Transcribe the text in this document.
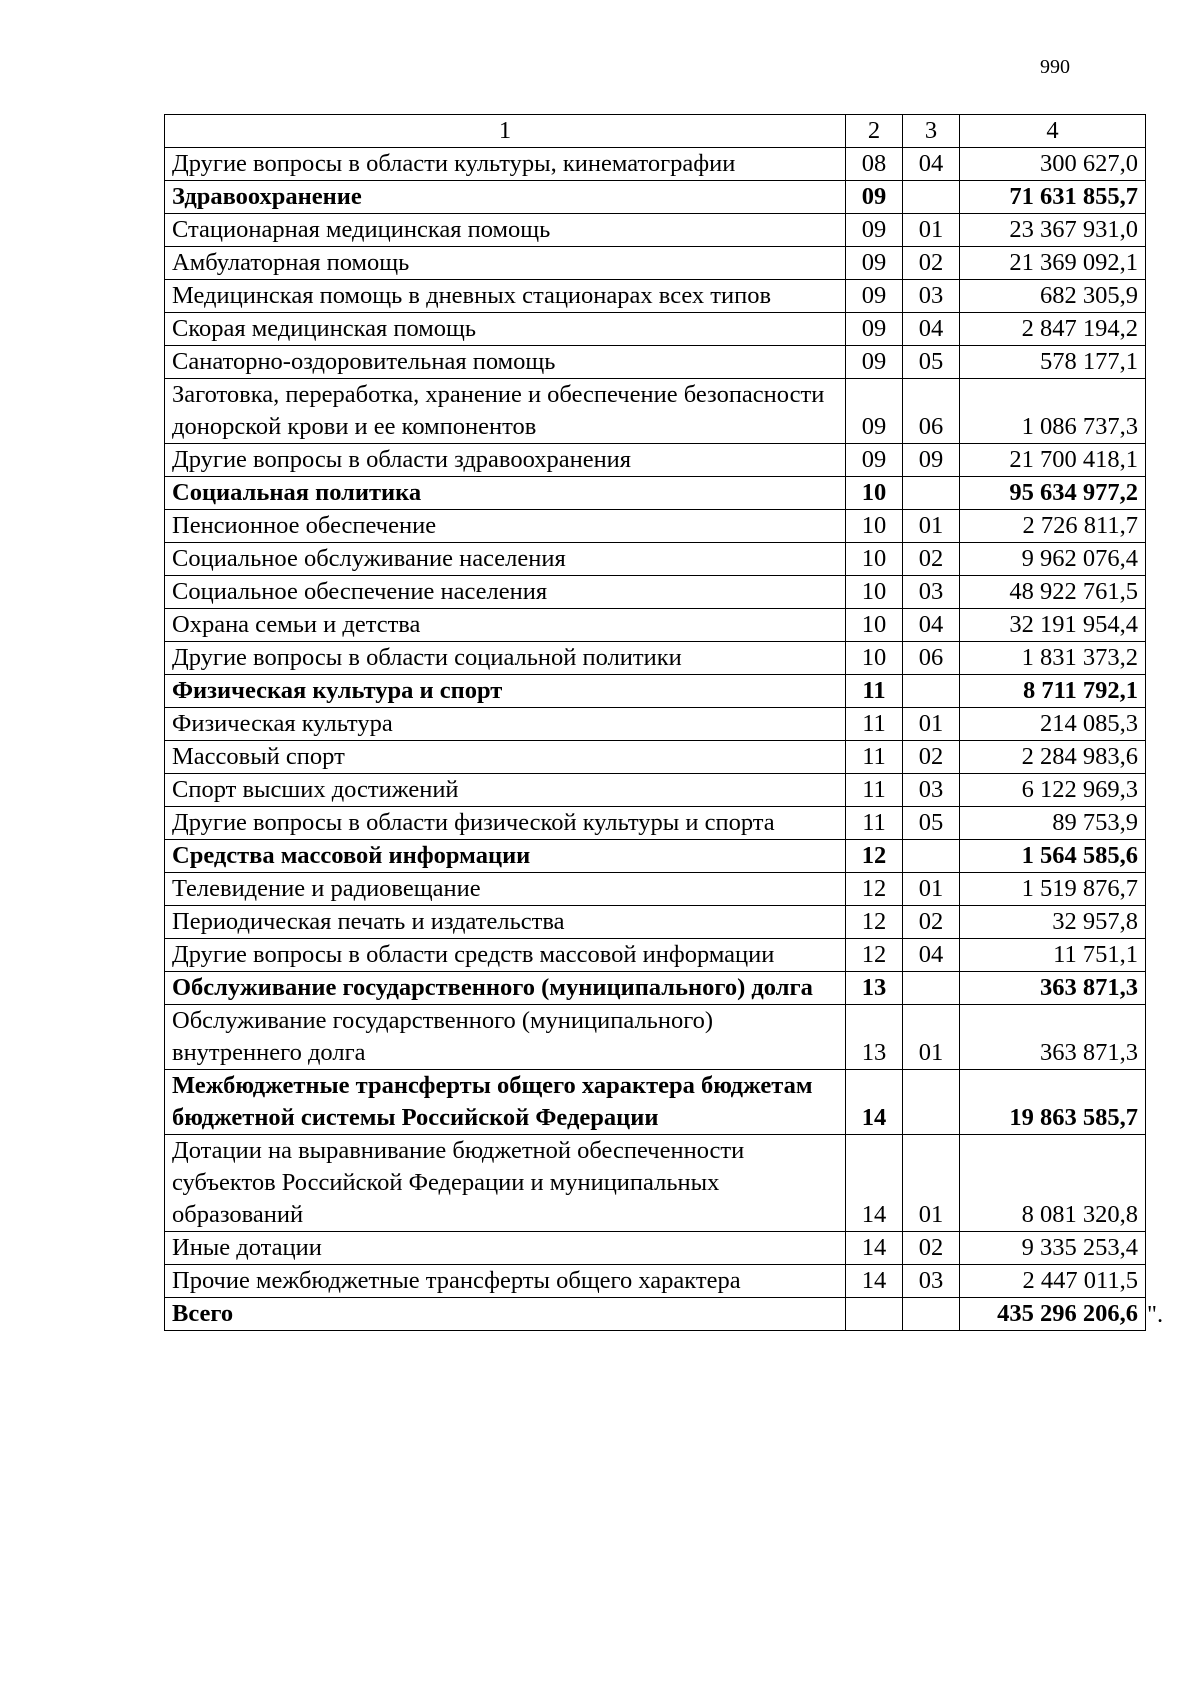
990
1	2	3	4
Другие вопросы в области культуры, кинематографии	08	04	300 627,0
Здравоохранение	09		71 631 855,7
Стационарная медицинская помощь	09	01	23 367 931,0
Амбулаторная помощь	09	02	21 369 092,1
Медицинская помощь в дневных стационарах всех типов	09	03	682 305,9
Скорая медицинская помощь	09	04	2 847 194,2
Санаторно-оздоровительная помощь	09	05	578 177,1
Заготовка, переработка, хранение и обеспечение безопасности донорской крови и ее компонентов	09	06	1 086 737,3
Другие вопросы в области здравоохранения	09	09	21 700 418,1
Социальная политика	10		95 634 977,2
Пенсионное обеспечение	10	01	2 726 811,7
Социальное обслуживание населения	10	02	9 962 076,4
Социальное обеспечение населения	10	03	48 922 761,5
Охрана семьи и детства	10	04	32 191 954,4
Другие вопросы в области социальной политики	10	06	1 831 373,2
Физическая культура и спорт	11		8 711 792,1
Физическая культура	11	01	214 085,3
Массовый спорт	11	02	2 284 983,6
Спорт высших достижений	11	03	6 122 969,3
Другие вопросы в области физической культуры и спорта	11	05	89 753,9
Средства массовой информации	12		1 564 585,6
Телевидение и радиовещание	12	01	1 519 876,7
Периодическая печать и издательства	12	02	32 957,8
Другие вопросы в области средств массовой информации	12	04	11 751,1
Обслуживание государственного (муниципального) долга	13		363 871,3
Обслуживание государственного (муниципального) внутреннего долга	13	01	363 871,3
Межбюджетные трансферты общего характера бюджетам бюджетной системы Российской Федерации	14		19 863 585,7
Дотации на выравнивание бюджетной обеспеченности субъектов Российской Федерации и муниципальных образований	14	01	8 081 320,8
Иные дотации	14	02	9 335 253,4
Прочие межбюджетные трансферты общего характера	14	03	2 447 011,5
Всего			435 296 206,6 ".
